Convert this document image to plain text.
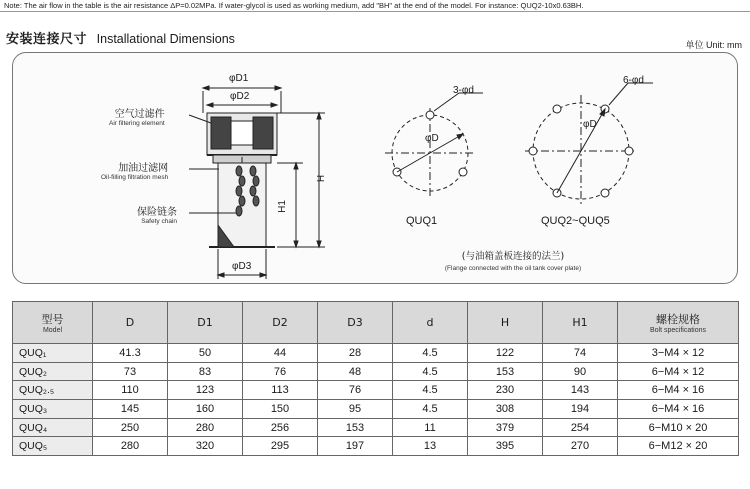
Note: The air flow in the table is the air resistance ΔP=0.02MPa. If water-glycol is used as working medium, add "BH" at the end of the model. For instance: QUQ2-10x0.63BH.
安装连接尺寸 Installational Dimensions	单位 Unit: mm
φD1
φD2
φD3
H
H1
空气过滤件
Air filtering element
加油过滤网
Oil-filling filtration mesh
保险链条
Safety chain
3-φd
φD
6-φd
φD
QUQ1	QUQ2~QUQ5
(与油箱盖板连接的法兰)
(Flange connected with the oil tank cover plate)
型号
Model	D	D1	D2	D3	d	H	H1	螺栓规格
Bolt specifications

QUQ₁	41.3	50	44	28	4.5	122	74	3−M4 × 12
QUQ₂	73	83	76	48	4.5	153	90	6−M4 × 12
QUQ₂.₅	110	123	113	76	4.5	230	143	6−M4 × 16
QUQ₃	145	160	150	95	4.5	308	194	6−M4 × 16
QUQ₄	250	280	256	153	11	379	254	6−M10 × 20
QUQ₅	280	320	295	197	13	395	270	6−M12 × 20
